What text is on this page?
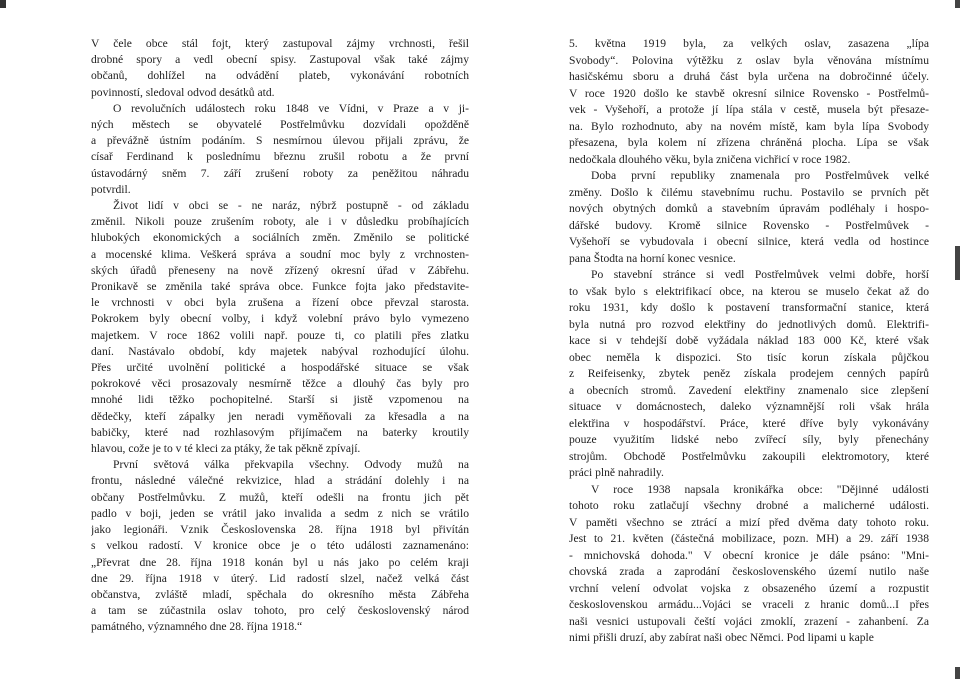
V čele obce stál fojt, který zastupoval zájmy vrchnosti, řešil
drobné spory a vedl obecní spisy. Zastupoval však také zájmy
občanů, dohlížel na odvádění plateb, vykonávání robotních
povinností, sledoval odvod desátků atd.
O revolučních událostech roku 1848 ve Vídni, v Praze a v ji-
ných městech se obyvatelé Postřelmůvku dozvídali opožděně
a převážně ústním podáním. S nesmírnou úlevou přijali zprávu, že
císař Ferdinand k poslednímu březnu zrušil robotu a že první
ústavodárný sněm 7. září zrušení roboty za peněžitou náhradu
potvrdil.
Život lidí v obci se - ne naráz, nýbrž postupně - od základu
změnil. Nikoli pouze zrušením roboty, ale i v důsledku probíhajících
hlubokých ekonomických a sociálních změn. Změnilo se politické
a mocenské klima. Veškerá správa a soudní moc byly z vrchnosten-
ských úřadů přeneseny na nově zřízený okresní úřad v Zábřehu.
Pronikavě se změnila také správa obce. Funkce fojta jako představite-
le vrchnosti v obci byla zrušena a řízení obce převzal starosta.
Pokrokem byly obecní volby, i když volební právo bylo vymezeno
majetkem. V roce 1862 volili např. pouze ti, co platili přes zlatku
daní. Nastávalo období, kdy majetek nabýval rozhodující úlohu.
Přes určité uvolnění politické a hospodářské situace se však
pokrokové věci prosazovaly nesmírně těžce a dlouhý čas byly pro
mnohé lidi těžko pochopitelné. Starší si jistě vzpomenou na
dědečky, kteří zápalky jen neradi vyměňovali za křesadla a na
babičky, které nad rozhlasovým přijímačem na baterky kroutily
hlavou, cože je to v té kleci za ptáky, že tak pěkně zpívají.
První světová válka překvapila všechny. Odvody mužů na
frontu, následné válečné rekvizice, hlad a strádání dolehly i na
občany Postřelmůvku. Z mužů, kteří odešli na frontu jich pět
padlo v boji, jeden se vrátil jako invalida a sedm z nich se vrátilo
jako legionáři. Vznik Československa 28. října 1918 byl přivítán
s velkou radostí. V kronice obce je o této události zaznamenáno:
„Převrat dne 28. října 1918 konán byl u nás jako po celém kraji
dne 29. října 1918 v úterý. Lid radostí slzel, načež velká část
občanstva, zvláště mladí, spěchala do okresního města Zábřeha
a tam se zúčastnila oslav tohoto, pro celý československý národ
památného, významného dne 28. října 1918.“
5. května 1919 byla, za velkých oslav, zasazena „lípa
Svobody“. Polovina výtěžku z oslav byla věnována místnímu
hasičskému sboru a druhá část byla určena na dobročinné účely.
V roce 1920 došlo ke stavbě okresní silnice Rovensko - Postřelmů-
vek - Vyšehoří, a protože jí lípa stála v cestě, musela být přesaze-
na. Bylo rozhodnuto, aby na novém místě, kam byla lípa Svobody
přesazena, byla kolem ní zřízena chráněná plocha. Lípa se však
nedočkala dlouhého věku, byla zničena vichřicí v roce 1982.
Doba první republiky znamenala pro Postřelmůvek velké
změny. Došlo k čilému stavebnímu ruchu. Postavilo se prvních pět
nových obytných domků a stavebním úpravám podléhaly i hospo-
dářské budovy. Kromě silnice Rovensko - Postřelmůvek -
Vyšehoří se vybudovala i obecní silnice, která vedla od hostince
pana Štodta na horní konec vesnice.
Po stavební stránce si vedl Postřelmůvek velmi dobře, horší
to však bylo s elektrifikací obce, na kterou se muselo čekat až do
roku 1931, kdy došlo k postavení transformační stanice, která
byla nutná pro rozvod elektřiny do jednotlivých domů. Elektrifi-
kace si v tehdejší době vyžádala náklad 183 000 Kč, které však
obec neměla k dispozici. Sto tisíc korun získala půjčkou
z Reifeisenky, zbytek peněz získala prodejem cenných papírů
a obecních stromů. Zavedení elektřiny znamenalo sice zlepšení
situace v domácnostech, daleko významnější roli však hrála
elektřina v hospodářství. Práce, které dříve byly vykonávány
pouze využitím lidské nebo zvířecí síly, byly přenechány
strojům. Obchodě Postřelmůvku zakoupili elektromotory, které
práci plně nahradily.
V roce 1938 napsala kronikářka obce: "Dějinné události
tohoto roku zatlačují všechny drobné a malicherné události.
V paměti všechno se ztrácí a mizí před dvěma daty tohoto roku.
Jest to 21. květen (částečná mobilizace, pozn. MH) a 29. září 1938
- mnichovská dohoda." V obecní kronice je dále psáno: "Mni-
chovská zrada a zaprodání československého území nutilo naše
vrchní velení odvolat vojska z obsazeného území a rozpustit
československou armádu...Vojáci se vraceli z hranic domů...I přes
naši vesnici ustupovali čeští vojáci zmoklí, zrazení - zahanbení. Za
nimi přišli druzí, aby zabírat naši obec Němci. Pod lipami u kaple
